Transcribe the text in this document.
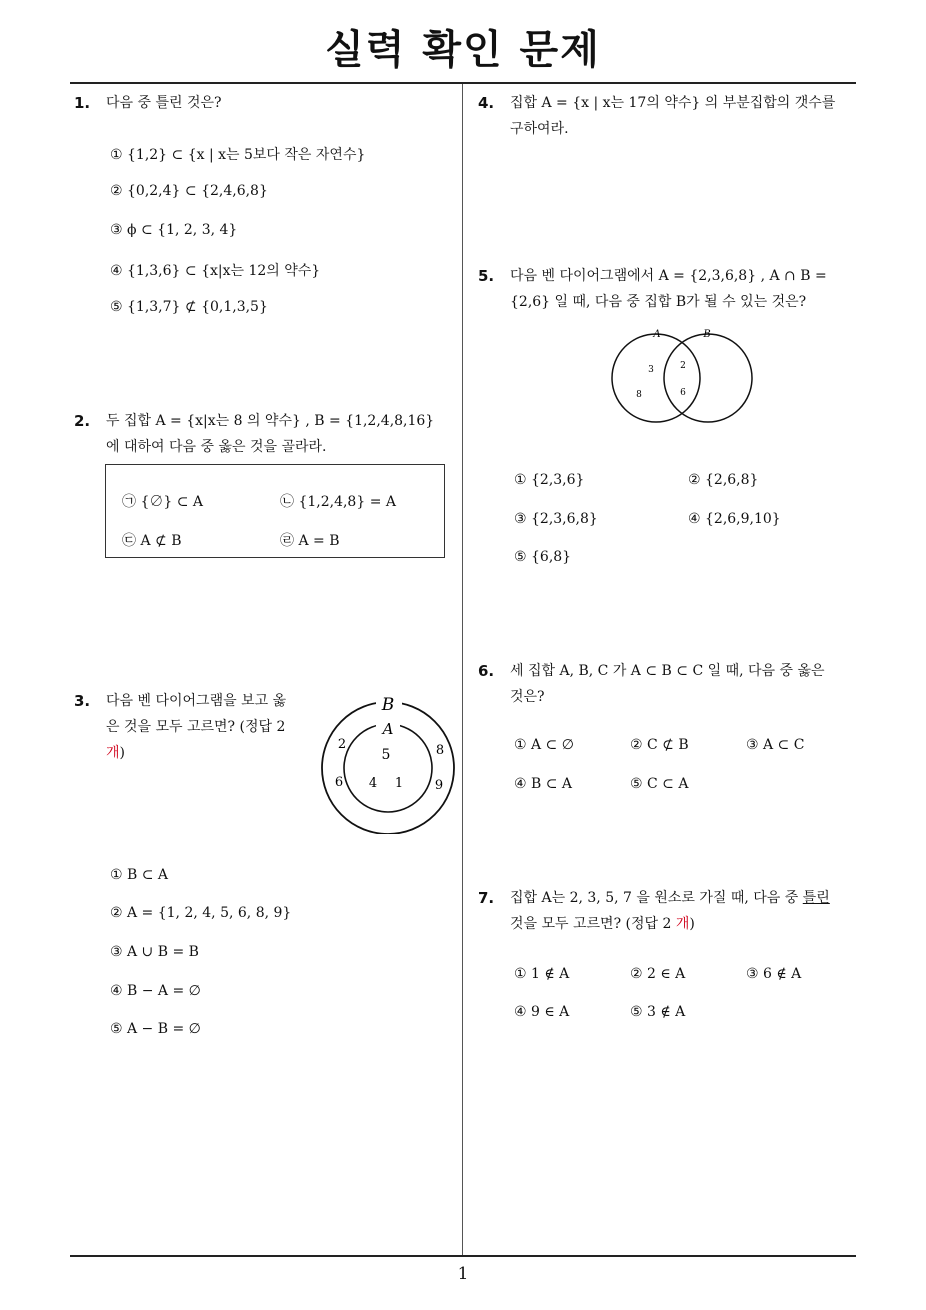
실력 확인 문제
1. 다음 중 틀린 것은?
① {1,2} ⊂ {x | x는 5보다 작은 자연수}
② {0,2,4} ⊂ {2,4,6,8}
③ ϕ ⊂ {1, 2, 3, 4}
④ {1,3,6} ⊂ {x|x는 12의 약수}
⑤ {1,3,7} ⊄ {0,1,3,5}
2. 두 집합 A = {x|x는 8 의 약수} , B = {1,2,4,8,16}
에 대하여 다음 중 옳은 것을 골라라.
㉠ {∅} ⊂ A	㉡ {1,2,4,8} = A
㉢ A ⊄ B	㉣ A = B
3. 다음 벤 다이어그램을 보고 옳
은 것을 모두 고르면? (정답 2
개)
B
A
2
6
8
9
5
4 1
① B ⊂ A
② A = {1, 2, 4, 5, 6, 8, 9}
③ A ∪ B = B
④ B − A = ∅
⑤ A − B = ∅
4. 집합 A = {x | x는 17의 약수} 의 부분집합의 갯수를
구하여라.
5. 다음 벤 다이어그램에서 A = {2,3,6,8} , A ∩ B =
{2,6} 일 때, 다음 중 집합 B가 될 수 있는 것은?
A	B
3
8
2
6
① {2,3,6}	② {2,6,8}
③ {2,3,6,8}	④ {2,6,9,10}
⑤ {6,8}
6. 세 집합 A, B, C 가 A ⊂ B ⊂ C 일 때, 다음 중 옳은
것은?
① A ⊂ ∅	② C ⊄ B	③ A ⊂ C
④ B ⊂ A	⑤ C ⊂ A
7. 집합 A는 2, 3, 5, 7 을 원소로 가질 때, 다음 중 틀린
것을 모두 고르면? (정답 2 개)
① 1 ∉ A	② 2 ∈ A	③ 6 ∉ A
④ 9 ∈ A	⑤ 3 ∉ A
1
